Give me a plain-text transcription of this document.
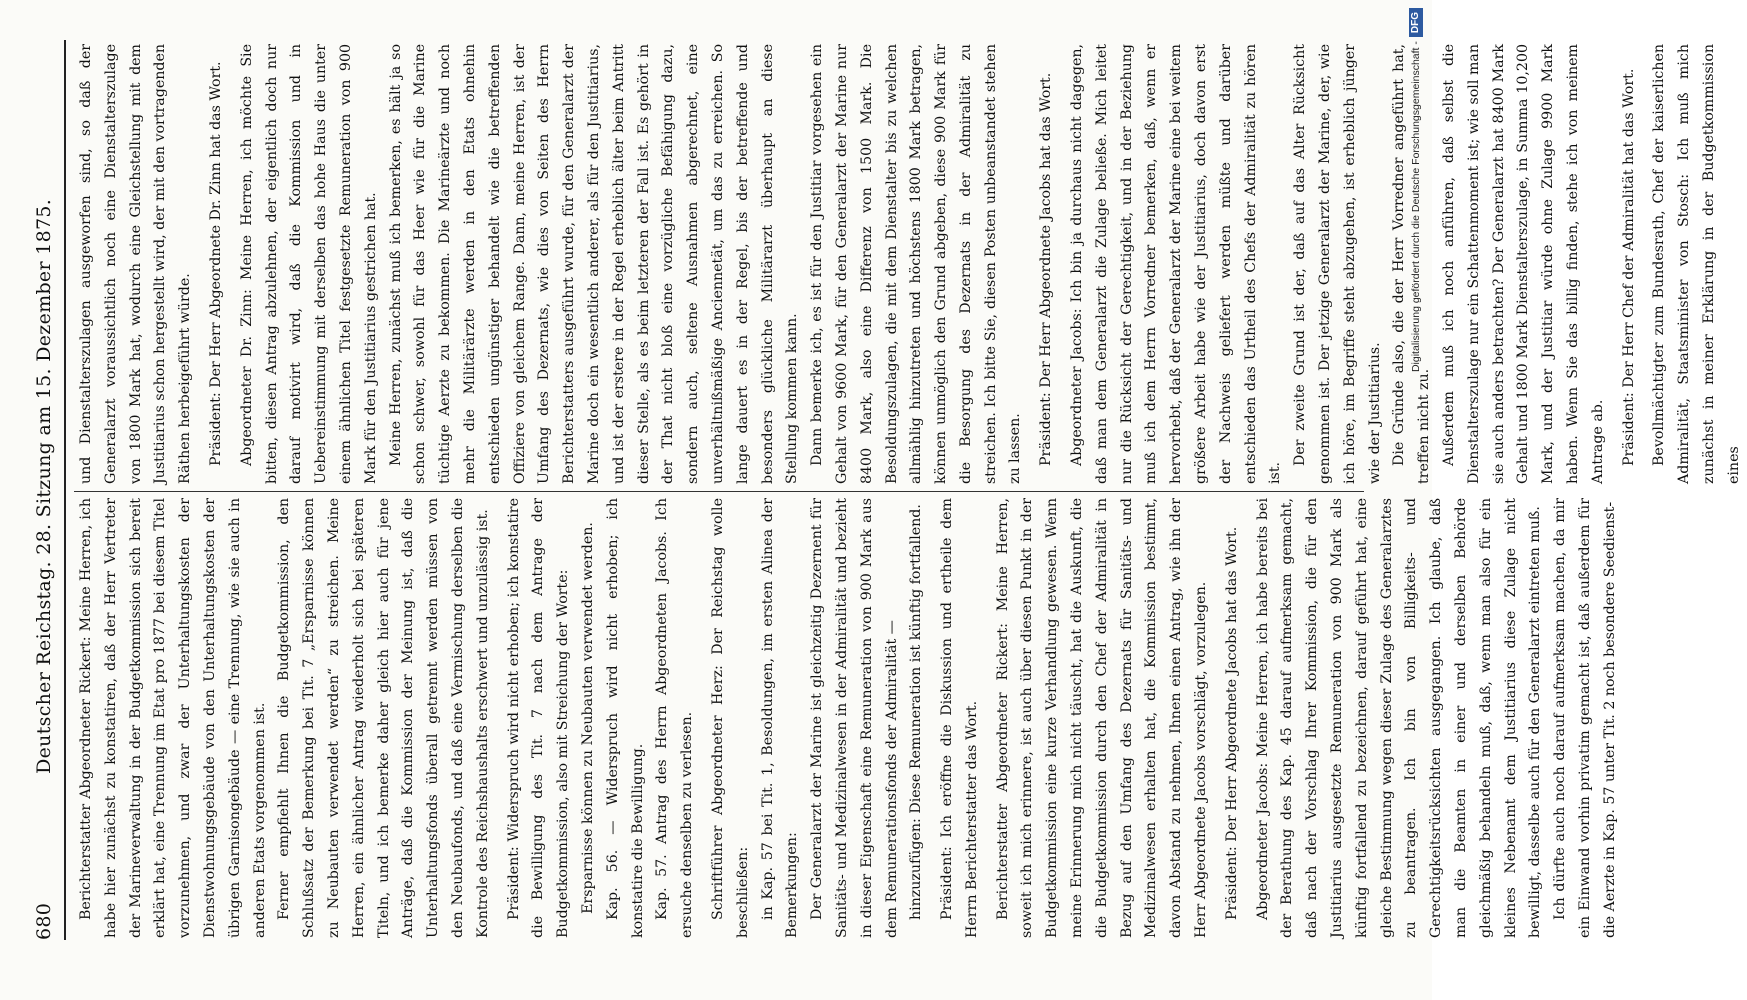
680
Deutscher Reichstag. 28. Sitzung am 15. Dezember 1875. Berichterstatter Abgeordneter Rickert: Meine Herren, ich habe hier zunächst zu konstatiren, daß der Herr Vertreter der Marineverwaltung in der Budgetkommission sich bereit erklärt hat, eine Trennung im Etat pro 1877 bei diesem Titel vorzunehmen, und zwar der Unterhaltungskosten der Dienstwohnungsgebäude von den Unterhaltungskosten der übrigen Garnisongebäude — eine Trennung, wie sie auch in anderen Etats vorgenommen ist. Ferner empfiehlt Ihnen die Budgetkommission, den Schlußsatz der Bemerkung bei Tit. 7 „Ersparnisse können zu Neubauten verwendet werden“ zu streichen. Meine Herren, ein ähnlicher Antrag wiederholt sich bei späteren Titeln, und ich bemerke daher gleich hier auch für jene Anträge, daß die Kommission der Meinung ist, daß die Unterhaltungsfonds überall getrennt werden müssen von den Neubaufonds, und daß eine Vermischung derselben die Kontrole des Reichshaushalts erschwert und unzulässig ist.	Präsident: Widerspruch wird nicht erhoben; ich konstatire die Bewilligung des Tit. 7 nach dem Antrage der Budgetkommission, also mit Streichung der Worte: Ersparnisse können zu Neubauten verwendet werden. Kap. 56. — Widerspruch wird nicht erhoben; ich konstatire die Bewilligung. Kap. 57. Antrag des Herrn Abgeordneten Jacobs. Ich ersuche denselben zu verlesen.	Schriftführer Abgeordneter Herz: Der Reichstag wolle beschließen: in Kap. 57 bei Tit. 1, Besoldungen, im ersten Alinea der Bemerkungen: Der Generalarzt der Marine ist gleichzeitig Dezernent für Sanitäts- und Medizinalwesen in der Admiralität und bezieht in dieser Eigenschaft eine Remuneration von 900 Mark aus dem Remunerationsfonds der Admiralität — hinzuzufügen: Diese Remuneration ist künftig fortfallend.	Präsident: Ich eröffne die Diskussion und ertheile dem Herrn Berichterstatter das Wort.	Berichterstatter Abgeordneter Rickert: Meine Herren, soweit ich mich erinnere, ist auch über diesen Punkt in der Budgetkommission eine kurze Verhandlung gewesen. Wenn meine Erinnerung mich nicht täuscht, hat die Auskunft, die die Budgetkommission durch den Chef der Admiralität in Bezug auf den Umfang des Dezernats für Sanitäts- und Medizinalwesen erhalten hat, die Kommission bestimmt, davon Abstand zu nehmen, Ihnen einen Antrag, wie ihn der Herr Abgeordnete Jacobs vorschlägt, vorzulegen.	Präsident: Der Herr Abgeordnete Jacobs hat das Wort.	Abgeordneter Jacobs: Meine Herren, ich habe bereits bei der Berathung des Kap. 45 darauf aufmerksam gemacht, daß nach der Vorschlag Ihrer Kommission, die für den Justitiarius ausgesetzte Remuneration von 900 Mark als künftig fortfallend zu bezeichnen, darauf geführt hat, eine gleiche Bestimmung wegen dieser Zulage des Generalarztes zu beantragen. Ich bin von Billigkeits- und Gerechtigkeitsrücksichten ausgegangen. Ich glaube, daß man die Beamten in einer und derselben Behörde gleichmäßig behandeln muß, daß, wenn man also für ein kleines Nebenamt dem Justitiarius diese Zulage nicht bewilligt, dasselbe auch für den Generalarzt eintreten muß. Ich dürfte auch noch darauf aufmerksam machen, da mir ein Einwand vorhin privatim gemacht ist, daß außerdem für die Aerzte in Kap. 57 unter Tit. 2 noch besondere Seedienst-

und Dienstalterszulagen ausgeworfen sind, so daß der Generalarzt voraussichtlich noch eine Dienstalterszulage von 1800 Mark hat, wodurch eine Gleichstellung mit dem Justitiarius schon hergestellt wird, der mit den vortragenden Räthen herbeigeführt würde.	Präsident: Der Herr Abgeordnete Dr. Zinn hat das Wort.	Abgeordneter Dr. Zinn: Meine Herren, ich möchte Sie bitten, diesen Antrag abzulehnen, der eigentlich doch nur darauf motivirt wird, daß die Kommission und in Uebereinstimmung mit derselben das hohe Haus die unter einem ähnlichen Titel festgesetzte Remuneration von 900 Mark für den Justitiarius gestrichen hat. Meine Herren, zunächst muß ich bemerken, es hält ja so schon schwer, sowohl für das Heer wie für die Marine tüchtige Aerzte zu bekommen. Die Marineärzte und noch mehr die Militärärzte werden in den Etats ohnehin entschieden ungünstiger behandelt wie die betreffenden Offiziere von gleichem Range. Dann, meine Herren, ist der Umfang des Dezernats, wie dies von Seiten des Herrn Berichterstatters ausgeführt wurde, für den Generalarzt der Marine doch ein wesentlich anderer, als für den Justitiarius, und ist der erstere in der Regel erheblich älter beim Antritt dieser Stelle, als es beim letzteren der Fall ist. Es gehört in der That nicht bloß eine vorzügliche Befähigung dazu, sondern auch, seltene Ausnahmen abgerechnet, eine unverhältnißmäßige Anciennetät, um das zu erreichen. So lange dauert es in der Regel, bis der betreffende und besonders glückliche Militärarzt überhaupt an diese Stellung kommen kann. Dann bemerke ich, es ist für den Justitiar vorgesehen ein Gehalt von 9600 Mark, für den Generalarzt der Marine nur 8400 Mark, also eine Differenz von 1500 Mark. Die Besoldungszulagen, die mit dem Dienstalter bis zu welchen allmählig hinzutreten und höchstens 1800 Mark betragen, können unmöglich den Grund abgeben, diese 900 Mark für die Besorgung des Dezernats in der Admiralität zu streichen. Ich bitte Sie, diesen Posten unbeanstandet stehen zu lassen.	Präsident: Der Herr Abgeordnete Jacobs hat das Wort.	Abgeordneter Jacobs: Ich bin ja durchaus nicht dagegen, daß man dem Generalarzt die Zulage beließe. Mich leitet nur die Rücksicht der Gerechtigkeit, und in der Beziehung muß ich dem Herrn Vorredner bemerken, daß, wenn er hervorhebt, daß der Generalarzt der Marine eine bei weitem größere Arbeit habe wie der Justitiarius, doch davon erst der Nachweis geliefert werden müßte und darüber entschieden das Urtheil des Chefs der Admiralität zu hören ist.

Der zweite Grund ist der, daß auf das Alter Rücksicht genommen ist. Der jetzige Generalarzt der Marine, der, wie ich höre, im Begriffe steht abzugehen, ist erheblich jünger wie der Justitiarius. Die Gründe also, die der Herr Vorredner angeführt hat, treffen nicht zu. Außerdem muß ich noch anführen, daß selbst die Dienstalterszulage nur ein Schattenmoment ist; wie soll man sie auch anders betrachten? Der Generalarzt hat 8400 Mark Gehalt und 1800 Mark Dienstalterszulage, in Summa 10,200 Mark, und der Justitiar würde ohne Zulage 9900 Mark haben. Wenn Sie das billig finden, stehe ich von meinem Antrage ab.	Präsident: Der Herr Chef der Admiralität hat das Wort.	Bevollmächtigter zum Bundesrath, Chef der kaiserlichen Admiralität, Staatsminister von Stosch: Ich muß mich zunächst in meiner Erklärung in der Budgetkommission eines

Digitalisierung gefördert durch die Deutsche Forschungsgemeinschaft -
DFG
